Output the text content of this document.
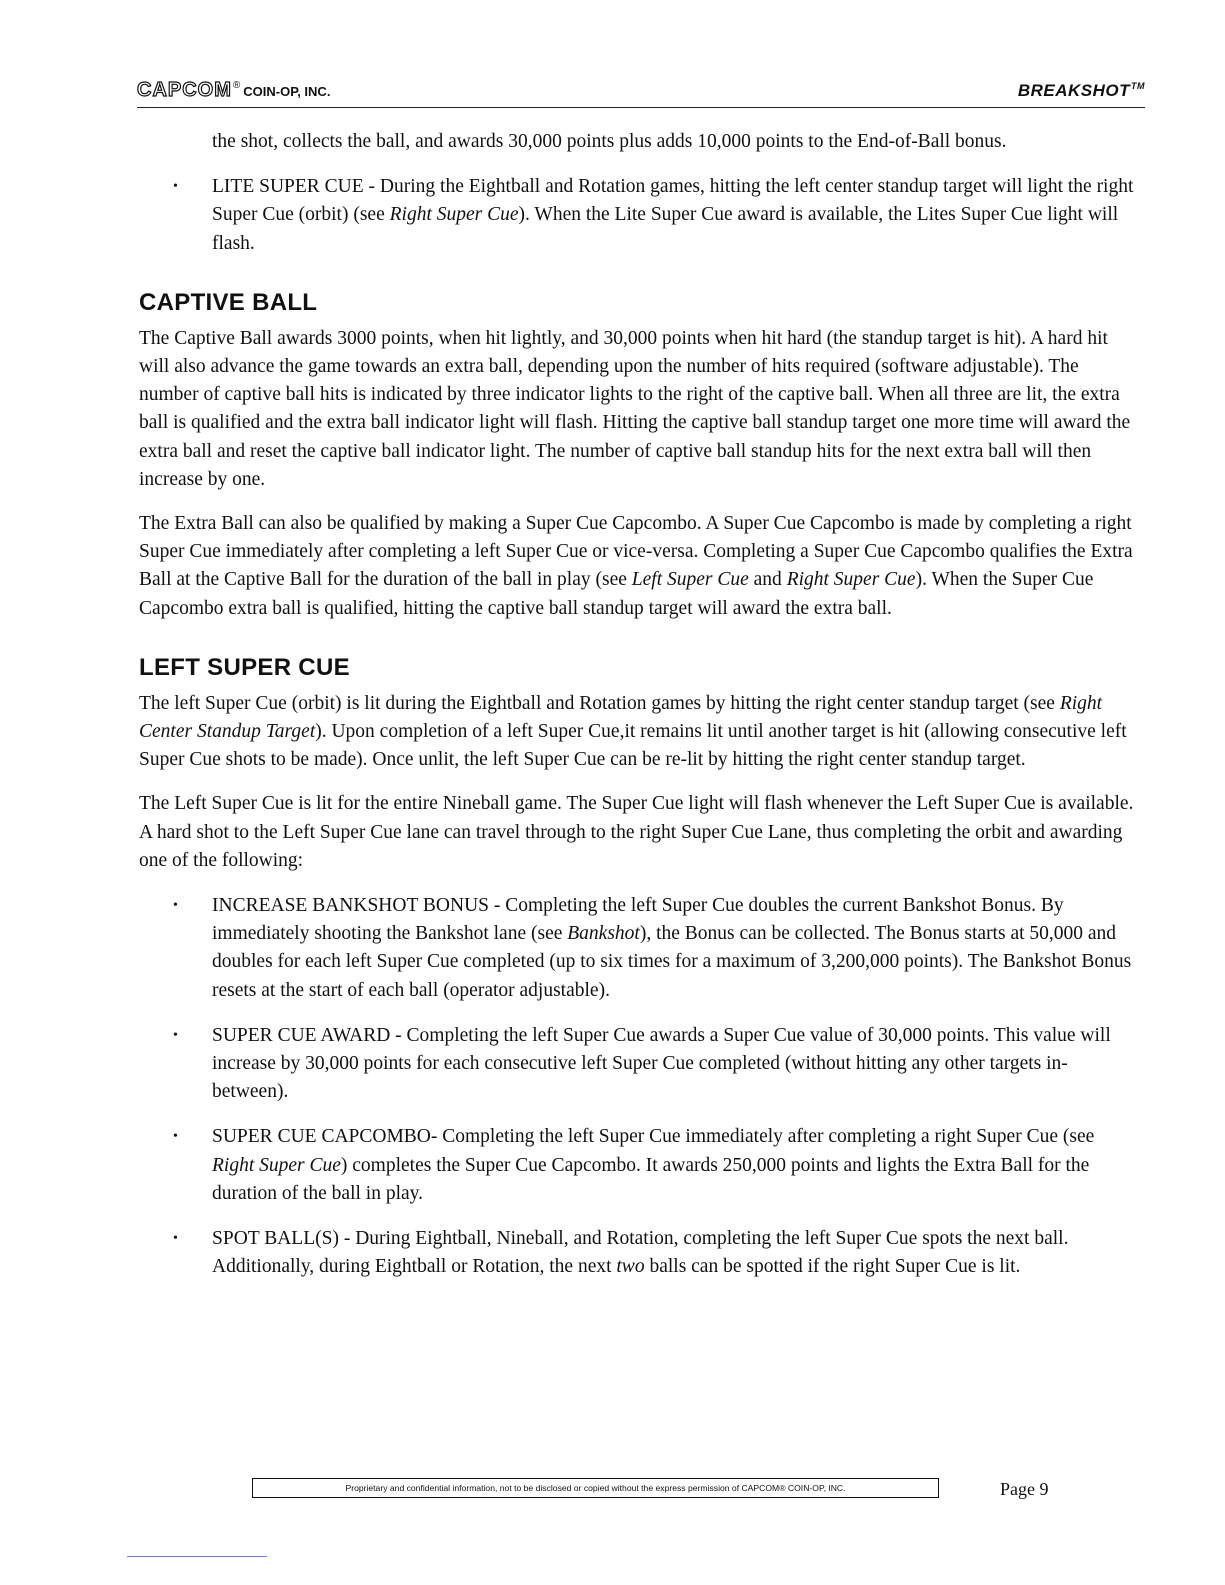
CAPCOM ® COIN-OP, INC.	BREAKSHOT™

the shot, collects the ball, and awards 30,000 points plus adds 10,000 points to the End-of-Ball bonus.

• LITE SUPER CUE - During the Eightball and Rotation games, hitting the left center standup target will light the right Super Cue (orbit) (see Right Super Cue). When the Lite Super Cue award is available, the Lites Super Cue light will flash.
CAPTIVE BALL

The Captive Ball awards 3000 points, when hit lightly, and 30,000 points when hit hard (the standup target is hit). A hard hit will also advance the game towards an extra ball, depending upon the number of hits required (software adjustable). The number of captive ball hits is indicated by three indicator lights to the right of the captive ball. When all three are lit, the extra ball is qualified and the extra ball indicator light will flash. Hitting the captive ball standup target one more time will award the extra ball and reset the captive ball indicator light. The number of captive ball standup hits for the next extra ball will then increase by one.

The Extra Ball can also be qualified by making a Super Cue Capcombo. A Super Cue Capcombo is made by completing a right Super Cue immediately after completing a left Super Cue or vice-versa. Completing a Super Cue Capcombo qualifies the Extra Ball at the Captive Ball for the duration of the ball in play (see Left Super Cue and Right Super Cue). When the Super Cue Capcombo extra ball is qualified, hitting the captive ball standup target will award the extra ball.

LEFT SUPER CUE

The left Super Cue (orbit) is lit during the Eightball and Rotation games by hitting the right center standup target (see Right Center Standup Target). Upon completion of a left Super Cue,it remains lit until another target is hit (allowing consecutive left Super Cue shots to be made). Once unlit, the left Super Cue can be re-lit by hitting the right center standup target.

The Left Super Cue is lit for the entire Nineball game. The Super Cue light will flash whenever the Left Super Cue is available. A hard shot to the Left Super Cue lane can travel through to the right Super Cue Lane, thus completing the orbit and awarding one of the following:

• INCREASE BANKSHOT BONUS - Completing the left Super Cue doubles the current Bankshot Bonus. By immediately shooting the Bankshot lane (see Bankshot), the Bonus can be collected. The Bonus starts at 50,000 and doubles for each left Super Cue completed (up to six times for a maximum of 3,200,000 points). The Bankshot Bonus resets at the start of each ball (operator adjustable).
• SUPER CUE AWARD - Completing the left Super Cue awards a Super Cue value of 30,000 points. This value will increase by 30,000 points for each consecutive left Super Cue completed (without hitting any other targets in-between).
• SUPER CUE CAPCOMBO- Completing the left Super Cue immediately after completing a right Super Cue (see Right Super Cue) completes the Super Cue Capcombo. It awards 250,000 points and lights the Extra Ball for the duration of the ball in play.
• SPOT BALL(S) - During Eightball, Nineball, and Rotation, completing the left Super Cue spots the next ball. Additionally, during Eightball or Rotation, the next two balls can be spotted if the right Super Cue is lit.
Proprietary and confidential information, not to be disclosed or copied without the express permission of CAPCOM® COIN-OP, INC.	Page 9
